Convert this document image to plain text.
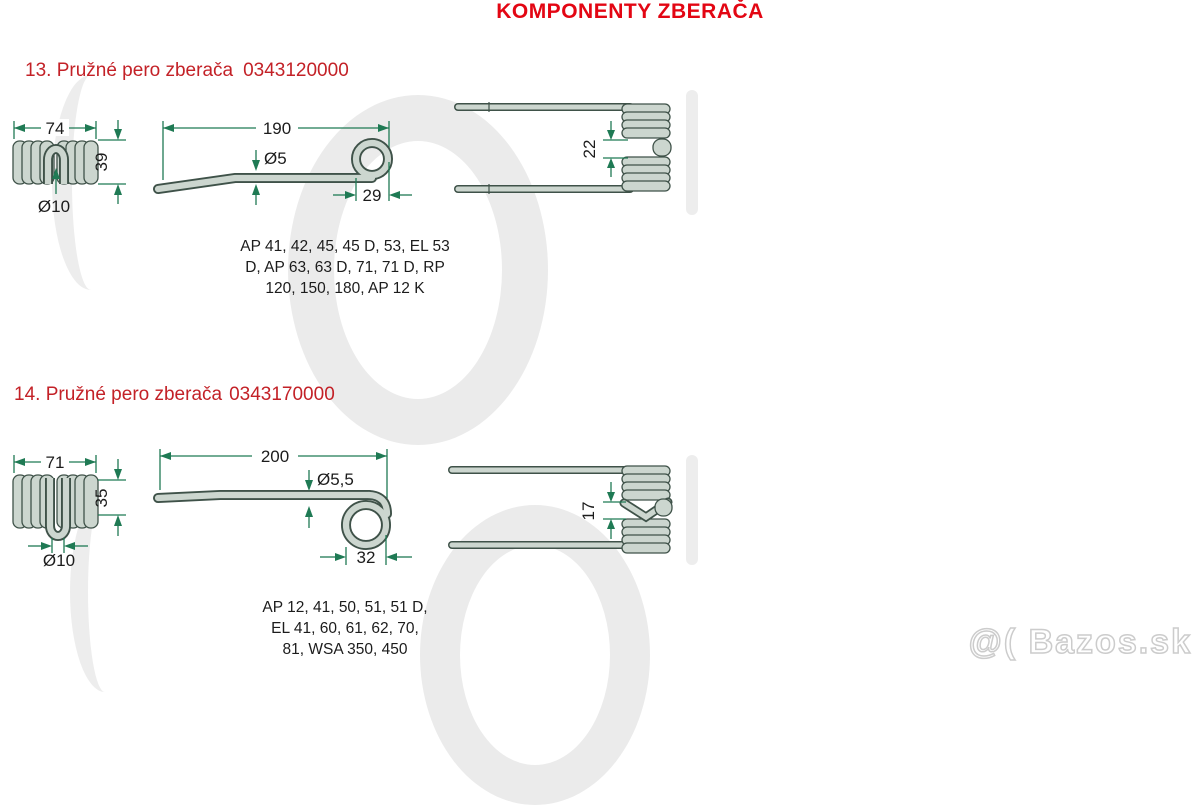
KOMPONENTY ZBERAČA
13. Pružné pero zberača 0343120000
74
39
Ø10
190
Ø5
29
22
AP 41, 42, 45, 45 D, 53, EL 53
D, AP 63, 63 D, 71, 71 D, RP
120, 150, 180, AP 12 K
14. Pružné pero zberača 0343170000
71
35
Ø10
200
Ø5,5
32
17
AP 12, 41, 50, 51, 51 D,
EL 41, 60, 61, 62, 70,
81, WSA 350, 450	@( Bazos.sk
